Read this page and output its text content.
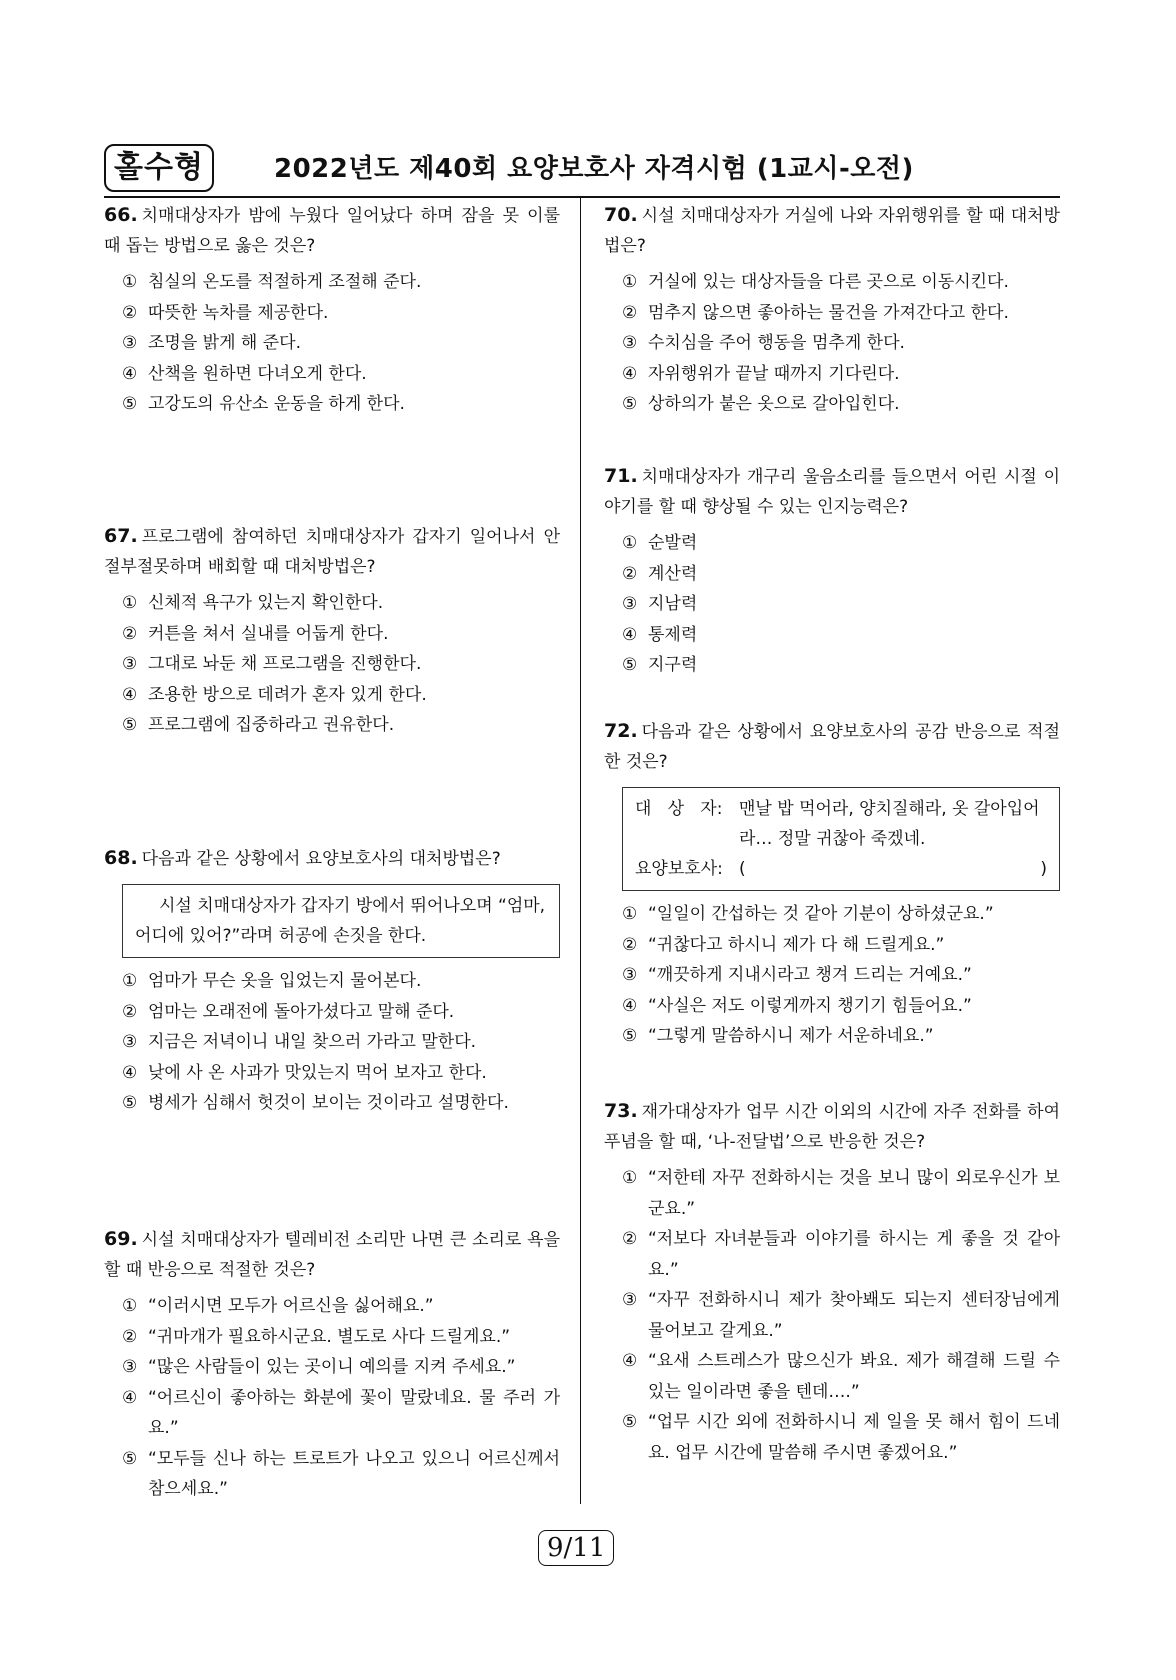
홀수형	2022년도 제40회 요양보호사 자격시험 (1교시-오전)
66. 치매대상자가 밤에 누웠다 일어났다 하며 잠을 못 이룰 때 돕는 방법으로 옳은 것은?
① 침실의 온도를 적절하게 조절해 준다.
② 따뜻한 녹차를 제공한다.
③ 조명을 밝게 해 준다.
④ 산책을 원하면 다녀오게 한다.
⑤ 고강도의 유산소 운동을 하게 한다.
67. 프로그램에 참여하던 치매대상자가 갑자기 일어나서 안절부절못하며 배회할 때 대처방법은?
① 신체적 욕구가 있는지 확인한다.
② 커튼을 쳐서 실내를 어둡게 한다.
③ 그대로 놔둔 채 프로그램을 진행한다.
④ 조용한 방으로 데려가 혼자 있게 한다.
⑤ 프로그램에 집중하라고 권유한다.
68. 다음과 같은 상황에서 요양보호사의 대처방법은?
시설 치매대상자가 갑자기 방에서 뛰어나오며 “엄마, 어디에 있어?”라며 허공에 손짓을 한다.
① 엄마가 무슨 옷을 입었는지 물어본다.
② 엄마는 오래전에 돌아가셨다고 말해 준다.
③ 지금은 저녁이니 내일 찾으러 가라고 말한다.
④ 낮에 사 온 사과가 맛있는지 먹어 보자고 한다.
⑤ 병세가 심해서 헛것이 보이는 것이라고 설명한다.
69. 시설 치매대상자가 텔레비전 소리만 나면 큰 소리로 욕을 할 때 반응으로 적절한 것은?
① “이러시면 모두가 어르신을 싫어해요.”
② “귀마개가 필요하시군요. 별도로 사다 드릴게요.”
③ “많은 사람들이 있는 곳이니 예의를 지켜 주세요.”
④ “어르신이 좋아하는 화분에 꽃이 말랐네요. 물 주러 가요.”
⑤ “모두들 신나 하는 트로트가 나오고 있으니 어르신께서 참으세요.”
70. 시설 치매대상자가 거실에 나와 자위행위를 할 때 대처방법은?
① 거실에 있는 대상자들을 다른 곳으로 이동시킨다.
② 멈추지 않으면 좋아하는 물건을 가져간다고 한다.
③ 수치심을 주어 행동을 멈추게 한다.
④ 자위행위가 끝날 때까지 기다린다.
⑤ 상하의가 붙은 옷으로 갈아입힌다.
71. 치매대상자가 개구리 울음소리를 들으면서 어린 시절 이야기를 할 때 향상될 수 있는 인지능력은?
① 순발력
② 계산력
③ 지남력
④ 통제력
⑤ 지구력
72. 다음과 같은 상황에서 요양보호사의 공감 반응으로 적절한 것은?
대   상   자: 맨날 밥 먹어라, 양치질해라, 옷 갈아입어라… 정말 귀찮아 죽겠네.
요양보호사: (	)
① “일일이 간섭하는 것 같아 기분이 상하셨군요.”
② “귀찮다고 하시니 제가 다 해 드릴게요.”
③ “깨끗하게 지내시라고 챙겨 드리는 거예요.”
④ “사실은 저도 이렇게까지 챙기기 힘들어요.”
⑤ “그렇게 말씀하시니 제가 서운하네요.”
73. 재가대상자가 업무 시간 이외의 시간에 자주 전화를 하여 푸념을 할 때, ‘나-전달법’으로 반응한 것은?
① “저한테 자꾸 전화하시는 것을 보니 많이 외로우신가 보군요.”
② “저보다 자녀분들과 이야기를 하시는 게 좋을 것 같아요.”
③ “자꾸 전화하시니 제가 찾아봬도 되는지 센터장님에게 물어보고 갈게요.”
④ “요새 스트레스가 많으신가 봐요. 제가 해결해 드릴 수 있는 일이라면 좋을 텐데….”
⑤ “업무 시간 외에 전화하시니 제 일을 못 해서 힘이 드네요. 업무 시간에 말씀해 주시면 좋겠어요.”
9/11
